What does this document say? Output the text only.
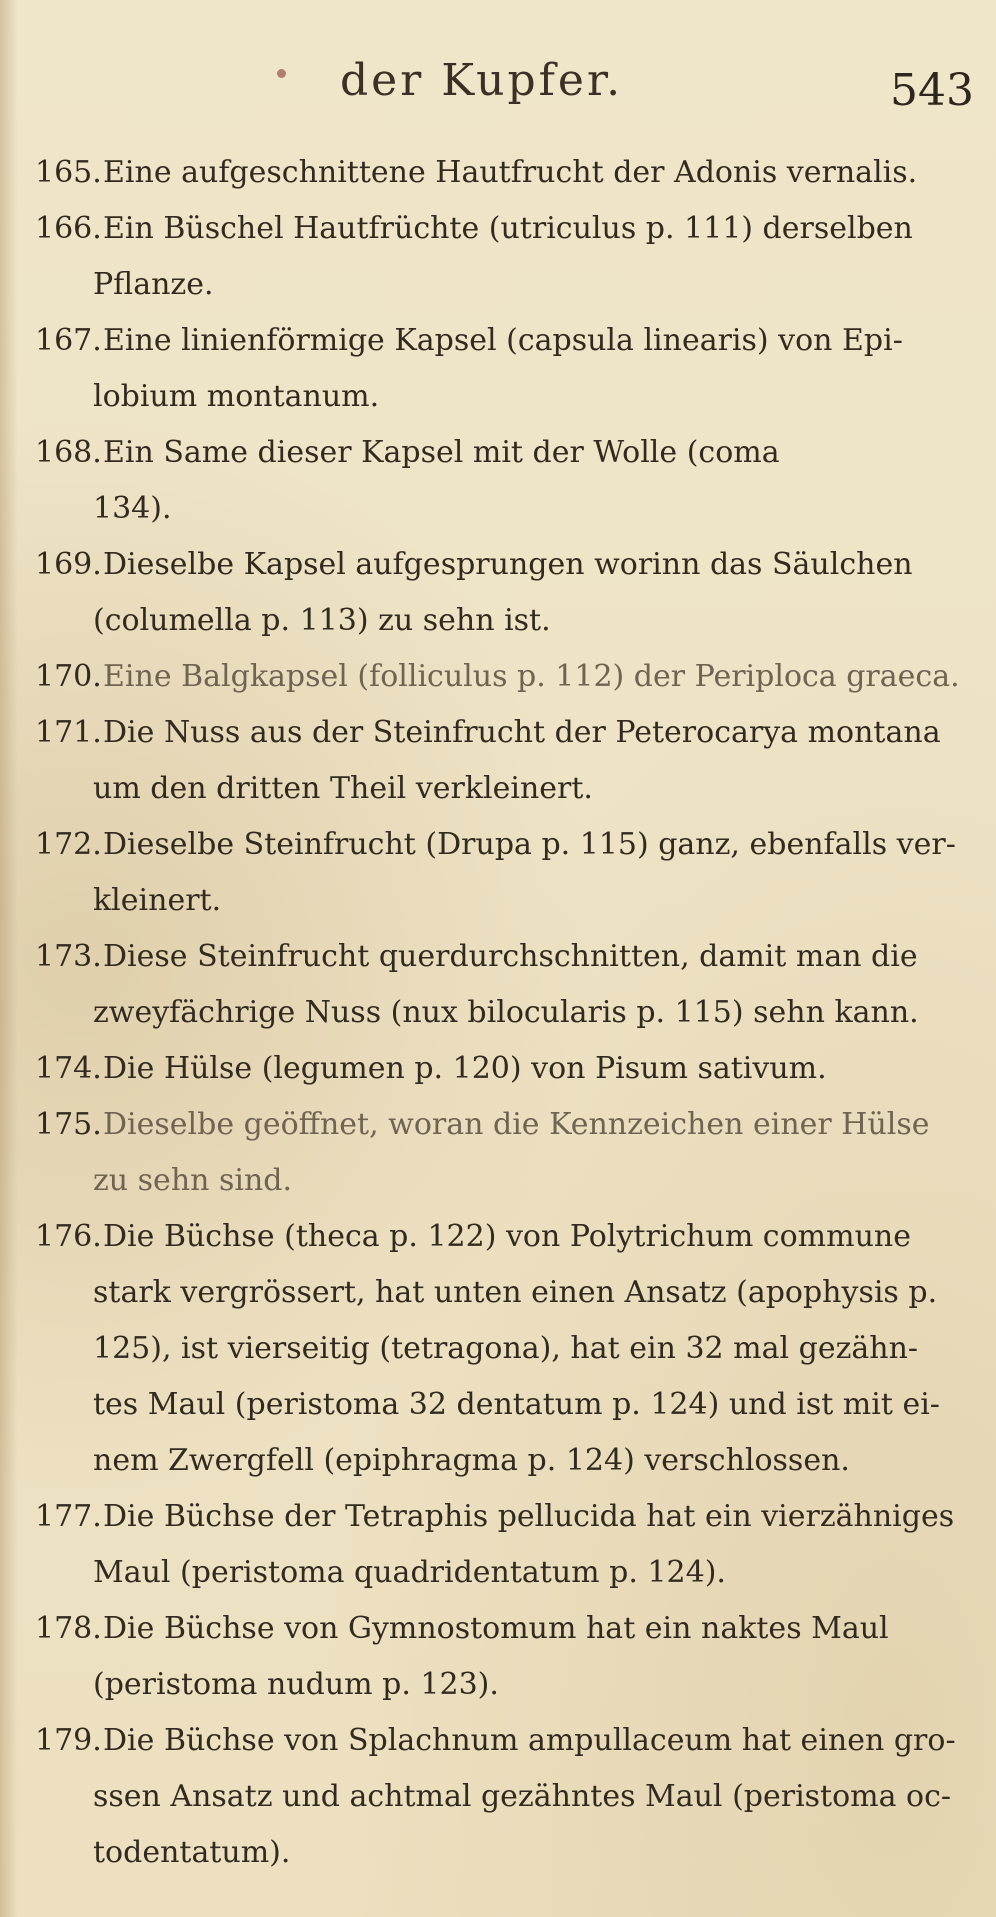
der Kupfer.	543
165. Eine aufgeschnittene Hautfrucht der Adonis vernalis.
166. Ein Büschel Hautfrüchte (utriculus p. 111) derselben
Pflanze.
167. Eine linienförmige Kapsel (capsula linearis) von Epi-
lobium montanum.
168. Ein Same dieser Kapsel mit der Wolle (coma
134).
169. Dieselbe Kapsel aufgesprungen worinn das Säulchen
(columella p. 113) zu sehn ist.
170. Eine Balgkapsel (folliculus p. 112) der Periploca graeca.
171. Die Nuss aus der Steinfrucht der Peterocarya montana
um den dritten Theil verkleinert.
172. Dieselbe Steinfrucht (Drupa p. 115) ganz, ebenfalls ver-
kleinert.
173. Diese Steinfrucht querdurchschnitten, damit man die
zweyfächrige Nuss (nux bilocularis p. 115) sehn kann.
174. Die Hülse (legumen p. 120) von Pisum sativum.
175. Dieselbe geöffnet, woran die Kennzeichen einer Hülse
zu sehn sind.
176. Die Büchse (theca p. 122) von Polytrichum commune
stark vergrössert, hat unten einen Ansatz (apophysis p.
125), ist vierseitig (tetragona), hat ein 32 mal gezähn-
tes Maul (peristoma 32 dentatum p. 124) und ist mit ei-
nem Zwergfell (epiphragma p. 124) verschlossen.
177. Die Büchse der Tetraphis pellucida hat ein vierzähniges
Maul (peristoma quadridentatum p. 124).
178. Die Büchse von Gymnostomum hat ein naktes Maul
(peristoma nudum p. 123).
179. Die Büchse von Splachnum ampullaceum hat einen gro-
ssen Ansatz und achtmal gezähntes Maul (peristoma oc-
todentatum).
